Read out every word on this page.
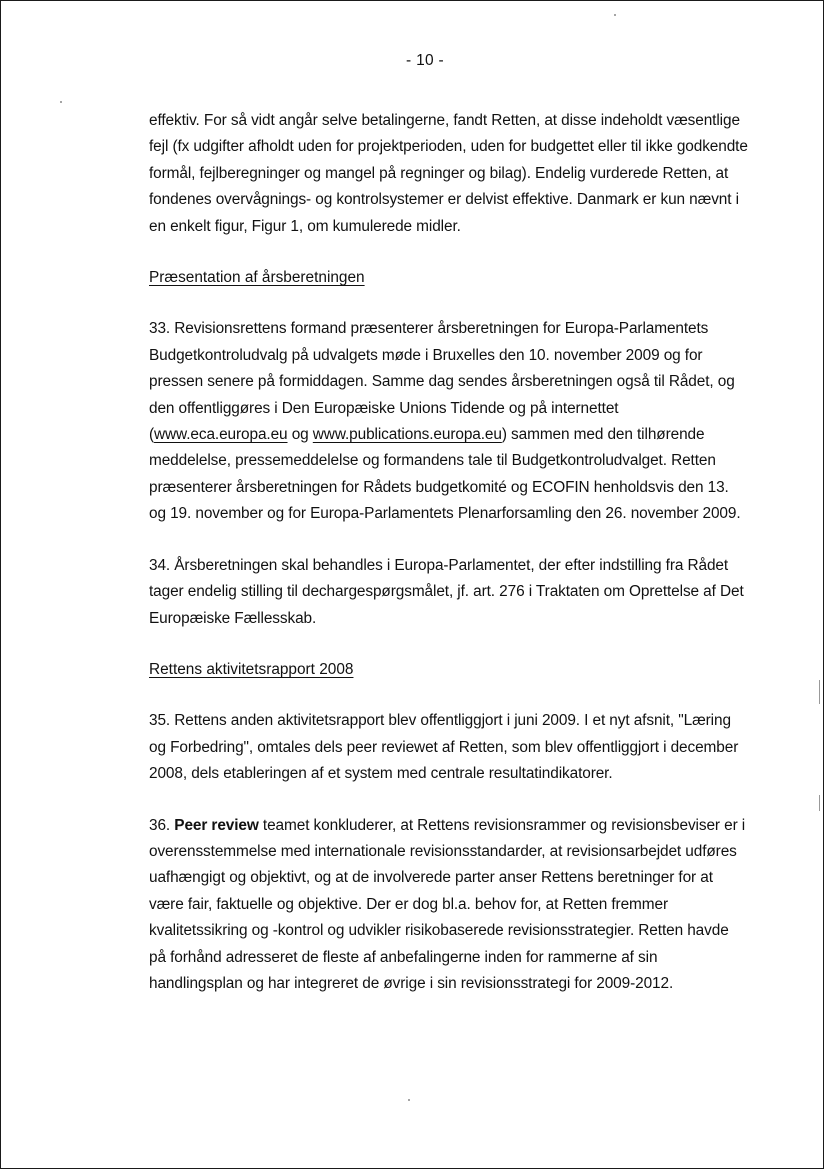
- 10 -

effektiv. For så vidt angår selve betalingerne, fandt Retten, at disse indeholdt væsentlige fejl (fx udgifter afholdt uden for projektperioden, uden for budgettet eller til ikke godkendte formål, fejlberegninger og mangel på regninger og bilag). Endelig vurderede Retten, at fondenes overvågnings- og kontrolsystemer er delvist effektive. Danmark er kun nævnt i en enkelt figur, Figur 1, om kumulerede midler.

Præsentation af årsberetningen

33. Revisionsrettens formand præsenterer årsberetningen for Europa-Parlamentets Budgetkontroludvalg på udvalgets møde i Bruxelles den 10. november 2009 og for pressen senere på formiddagen. Samme dag sendes årsberetningen også til Rådet, og den offentliggøres i Den Europæiske Unions Tidende og på internettet (www.eca.europa.eu og www.publications.europa.eu) sammen med den tilhørende meddelelse, pressemeddelelse og formandens tale til Budgetkontroludvalget. Retten præsenterer årsberetningen for Rådets budgetkomité og ECOFIN henholdsvis den 13. og 19. november og for Europa-Parlamentets Plenarforsamling den 26. november 2009.

34. Årsberetningen skal behandles i Europa-Parlamentet, der efter indstilling fra Rådet tager endelig stilling til dechargespørgsmålet, jf. art. 276 i Traktaten om Oprettelse af Det Europæiske Fællesskab.

Rettens aktivitetsrapport 2008

35. Rettens anden aktivitetsrapport blev offentliggjort i juni 2009. I et nyt afsnit, "Læring og Forbedring", omtales dels peer reviewet af Retten, som blev offentliggjort i december 2008, dels etableringen af et system med centrale resultatindikatorer.

36. Peer review teamet konkluderer, at Rettens revisionsrammer og revisionsbeviser er i overensstemmelse med internationale revisionsstandarder, at revisionsarbejdet udføres uafhængigt og objektivt, og at de involverede parter anser Rettens beretninger for at være fair, faktuelle og objektive. Der er dog bl.a. behov for, at Retten fremmer kvalitetssikring og -kontrol og udvikler risikobaserede revisionsstrategier. Retten havde på forhånd adresseret de fleste af anbefalingerne inden for rammerne af sin handlingsplan og har integreret de øvrige i sin revisionsstrategi for 2009-2012.
